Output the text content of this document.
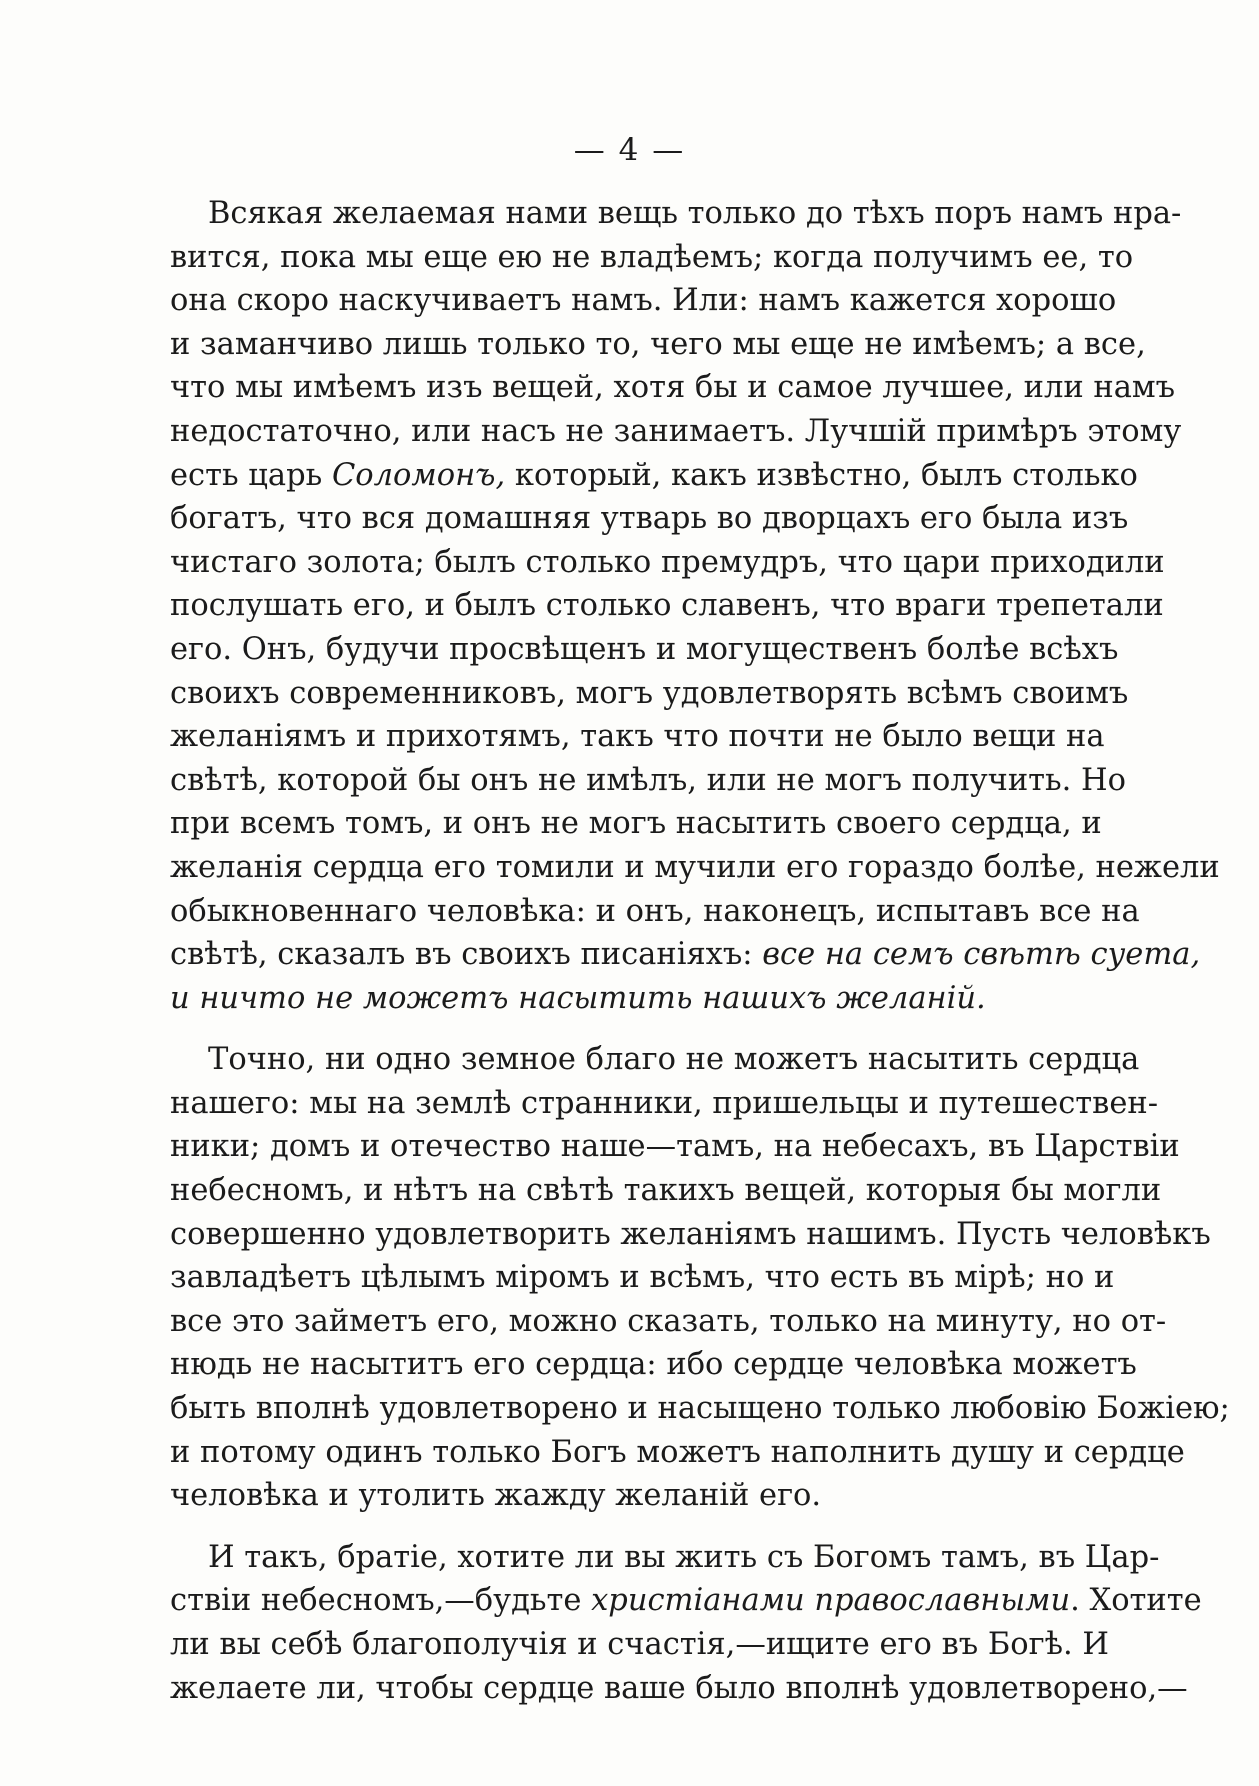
— 4 —
Всякая желаемая нами вещь только до тѣхъ поръ намъ нра-
вится, пока мы еще ею не владѣемъ; когда получимъ ее, то
она скоро наскучиваетъ намъ. Или: намъ кажется хорошо
и заманчиво лишь только то, чего мы еще не имѣемъ; а все,
что мы имѣемъ изъ вещей, хотя бы и самое лучшее, или намъ
недостаточно, или насъ не занимаетъ. Лучшій примѣръ этому
есть царь Соломонъ, который, какъ извѣстно, былъ столько
богатъ, что вся домашняя утварь во дворцахъ его была изъ
чистаго золота; былъ столько премудръ, что цари приходили
послушать его, и былъ столько славенъ, что враги трепетали
его. Онъ, будучи просвѣщенъ и могущественъ болѣе всѣхъ
своихъ современниковъ, могъ удовлетворять всѣмъ своимъ
желаніямъ и прихотямъ, такъ что почти не было вещи на
свѣтѣ, которой бы онъ не имѣлъ, или не могъ получить. Но
при всемъ томъ, и онъ не могъ насытить своего сердца, и
желанія сердца его томили и мучили его гораздо болѣе, нежели
обыкновеннаго человѣка: и онъ, наконецъ, испытавъ все на
свѣтѣ, сказалъ въ своихъ писаніяхъ: все на семъ свѣтѣ суета,
и ничто не можетъ насытить нашихъ желаній.
Точно, ни одно земное благо не можетъ насытить сердца
нашего: мы на землѣ странники, пришельцы и путешествен-
ники; домъ и отечество наше—тамъ, на небесахъ, въ Царствіи
небесномъ, и нѣтъ на свѣтѣ такихъ вещей, которыя бы могли
совершенно удовлетворить желаніямъ нашимъ. Пусть человѣкъ
завладѣетъ цѣлымъ міромъ и всѣмъ, что есть въ мірѣ; но и
все это займетъ его, можно сказать, только на минуту, но от-
нюдь не насытитъ его сердца: ибо сердце человѣка можетъ
быть вполнѣ удовлетворено и насыщено только любовію Божіею;
и потому одинъ только Богъ можетъ наполнить душу и сердце
человѣка и утолить жажду желаній его.
И такъ, братіе, хотите ли вы жить съ Богомъ тамъ, въ Цар-
ствіи небесномъ,—будьте христіанами православными. Хотите
ли вы себѣ благополучія и счастія,—ищите его въ Богѣ. И
желаете ли, чтобы сердце ваше было вполнѣ удовлетворено,—
